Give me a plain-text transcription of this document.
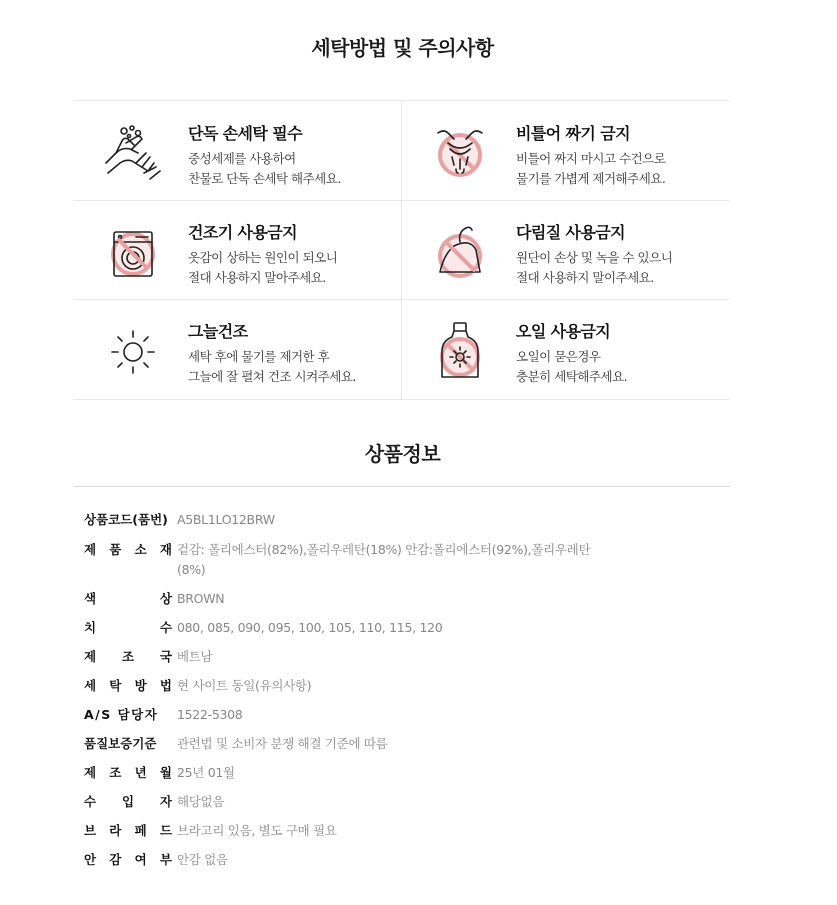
세탁방법 및 주의사항
단독 손세탁 필수
중성세제를 사용하여
찬물로 단독 손세탁 해주세요.
비틀어 짜기 금지
비틀어 짜지 마시고 수건으로
물기를 가볍게 제거해주세요.
건조기 사용금지
옷감이 상하는 원인이 되오니
절대 사용하지 말아주세요.
다림질 사용금지
원단이 손상 및 녹을 수 있으니
절대 사용하지 말이주세요.
그늘건조
세탁 후에 물기를 제거한 후
그늘에 잘 펼쳐 건조 시켜주세요.
오일 사용금지
오일이 묻은경우
충분히 세탁해주세요.
상품정보
상품코드(품번) A5BL1LO12BRW
제 품 소 재 겉감: 폴리에스터(82%),폴리우레탄(18%) 안감:폴리에스터(92%),폴리우레탄
(8%)
색	상 BROWN
치	수 080, 085, 090, 095, 100, 105, 110, 115, 120
제 조 국 베트남
세 탁 방 법 현 사이트 동일(유의사항)
A/S 담당자	1522-5308
품질보증기준	관련법 및 소비자 분쟁 해결 기준에 따름
제 조 년 월 25년 01월
수 입 자 해당없음
브 라 페 드 브라고리 있음, 별도 구매 필요
안 감 여 부 안감 없음
